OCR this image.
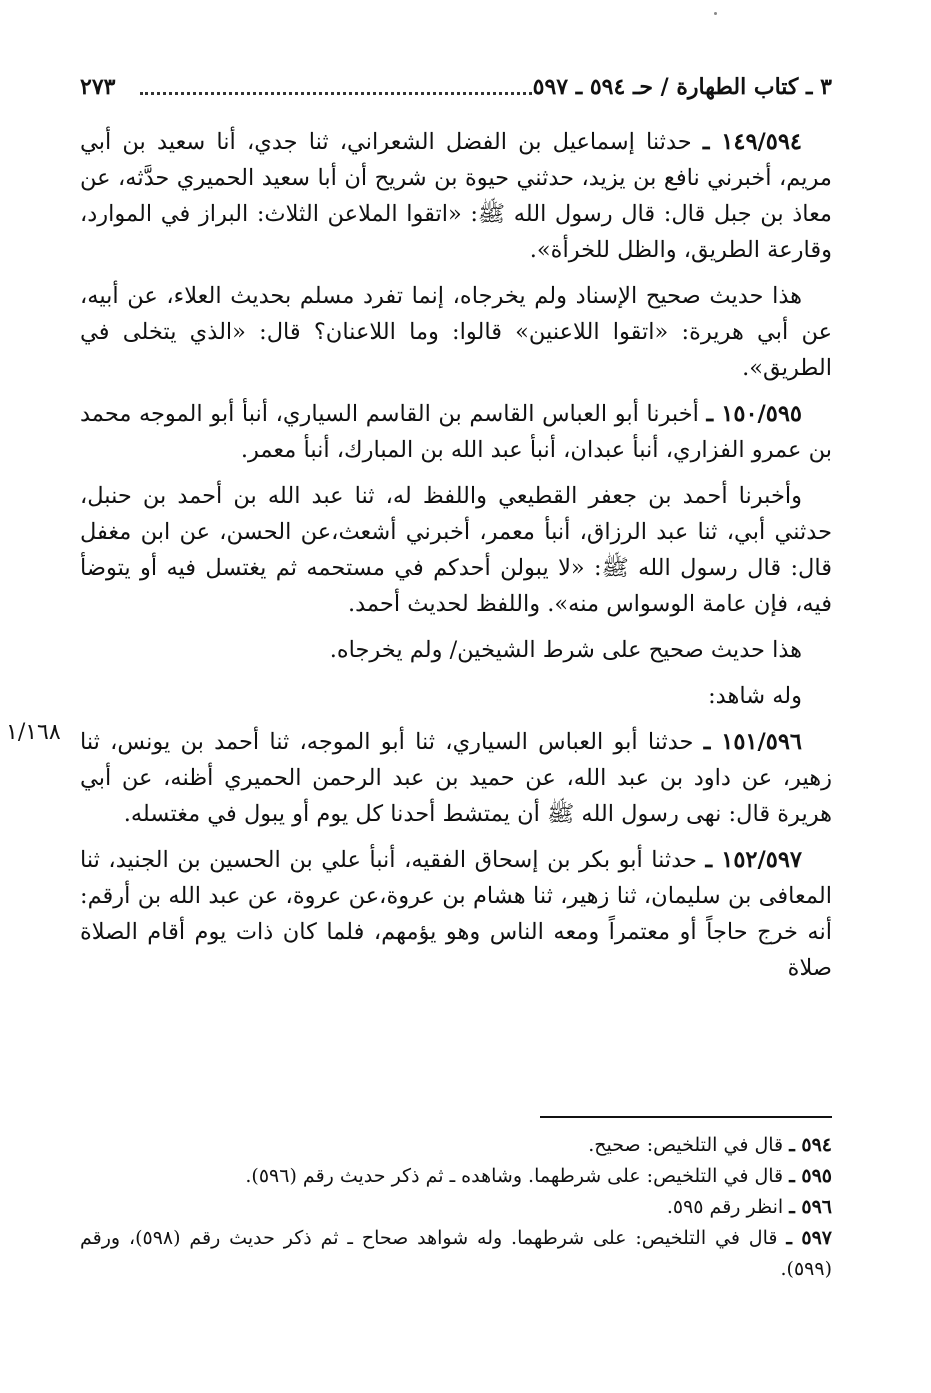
٣ ـ كتاب الطهارة / حـ ٥٩٤ ـ ٥٩٧
٢٧٣

١٤٩/٥٩٤ ـ حدثنا إسماعيل بن الفضل الشعراني، ثنا جدي، أنا سعيد بن أبي مريم، أخبرني نافع بن يزيد، حدثني حيوة بن شريح أن أبا سعيد الحميري حدَّثه، عن معاذ بن جبل قال: قال رسول الله ﷺ: «اتقوا الملاعن الثلاث: البراز في الموارد، وقارعة الطريق، والظل للخرأة».

هذا حديث صحيح الإسناد ولم يخرجاه، إنما تفرد مسلم بحديث العلاء، عن أبيه، عن أبي هريرة: «اتقوا اللاعنين» قالوا: وما اللاعنان؟ قال: «الذي يتخلى في الطريق».

١٥٠/٥٩٥ ـ أخبرنا أبو العباس القاسم بن القاسم السياري، أنبأ أبو الموجه محمد بن عمرو الفزاري، أنبأ عبدان، أنبأ عبد الله بن المبارك، أنبأ معمر.

وأخبرنا أحمد بن جعفر القطيعي واللفظ له، ثنا عبد الله بن أحمد بن حنبل، حدثني أبي، ثنا عبد الرزاق، أنبأ معمر، أخبرني أشعث،عن الحسن، عن ابن مغفل قال: قال رسول الله ﷺ: «لا يبولن أحدكم في مستحمه ثم يغتسل فيه أو يتوضأ فيه، فإن عامة الوسواس منه». واللفظ لحديث أحمد.

هذا حديث صحيح على شرط الشيخين/ ولم يخرجاه.

وله شاهد:

١٥١/٥٩٦ ـ حدثنا أبو العباس السياري، ثنا أبو الموجه، ثنا أحمد بن يونس، ثنا زهير، عن داود بن عبد الله، عن حميد بن عبد الرحمن الحميري أظنه، عن أبي هريرة قال: نهى رسول الله ﷺ أن يمتشط أحدنا كل يوم أو يبول في مغتسله.

١٥٢/٥٩٧ ـ حدثنا أبو بكر بن إسحاق الفقيه، أنبأ علي بن الحسين بن الجنيد، ثنا المعافى بن سليمان، ثنا زهير، ثنا هشام بن عروة،عن عروة، عن عبد الله بن أرقم: أنه خرج حاجاً أو معتمراً ومعه الناس وهو يؤمهم، فلما كان ذات يوم أقام الصلاة صلاة

١/١٦٨

٥٩٤ ـ قال في التلخيص: صحيح.

٥٩٥ ـ قال في التلخيص: على شرطهما. وشاهده ـ ثم ذكر حديث رقم (٥٩٦).

٥٩٦ ـ انظر رقم ٥٩٥.

٥٩٧ ـ قال في التلخيص: على شرطهما. وله شواهد صحاح ـ ثم ذكر حديث رقم (٥٩٨)، ورقم (٥٩٩).
